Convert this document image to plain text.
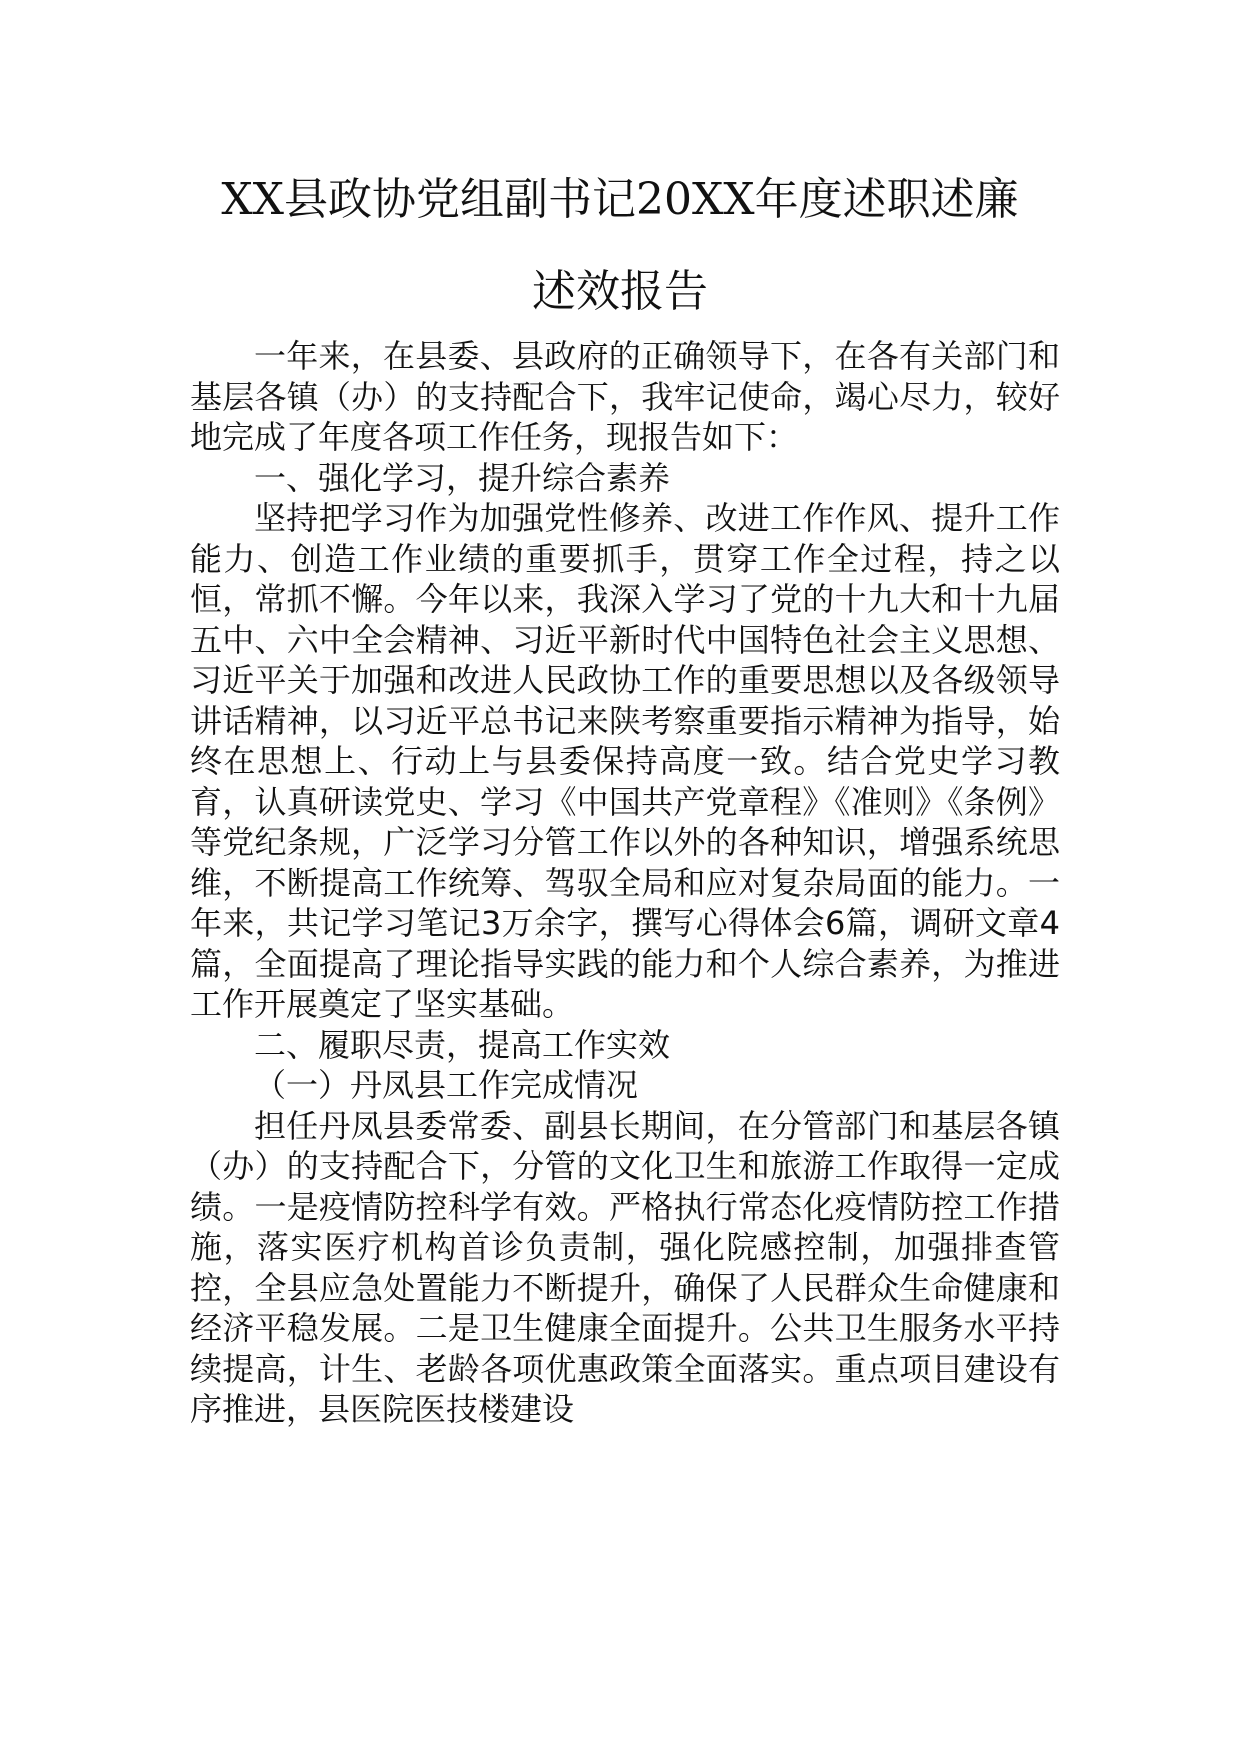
XX县政协党组副书记20XX年度述职述廉
述效报告

一年来，在县委、县政府的正确领导下，在各有关部门和基层各镇（办）的支持配合下，我牢记使命，竭心尽力，较好地完成了年度各项工作任务，现报告如下：

一、强化学习，提升综合素养

坚持把学习作为加强党性修养、改进工作作风、提升工作能力、创造工作业绩的重要抓手，贯穿工作全过程，持之以恒，常抓不懈。今年以来，我深入学习了党的十九大和十九届五中、六中全会精神、习近平新时代中国特色社会主义思想、习近平关于加强和改进人民政协工作的重要思想以及各级领导讲话精神，以习近平总书记来陕考察重要指示精神为指导，始终在思想上、行动上与县委保持高度一致。结合党史学习教育，认真研读党史、学习《中国共产党章程》《准则》《条例》等党纪条规，广泛学习分管工作以外的各种知识，增强系统思维，不断提高工作统筹、驾驭全局和应对复杂局面的能力。一年来，共记学习笔记3万余字，撰写心得体会6篇，调研文章4篇，全面提高了理论指导实践的能力和个人综合素养，为推进工作开展奠定了坚实基础。

二、履职尽责，提高工作实效

（一）丹凤县工作完成情况

担任丹凤县委常委、副县长期间，在分管部门和基层各镇（办）的支持配合下，分管的文化卫生和旅游工作取得一定成绩。一是疫情防控科学有效。严格执行常态化疫情防控工作措施，落实医疗机构首诊负责制，强化院感控制，加强排查管控，全县应急处置能力不断提升，确保了人民群众生命健康和经济平稳发展。二是卫生健康全面提升。公共卫生服务水平持续提高，计生、老龄各项优惠政策全面落实。重点项目建设有序推进，县医院医技楼建设
